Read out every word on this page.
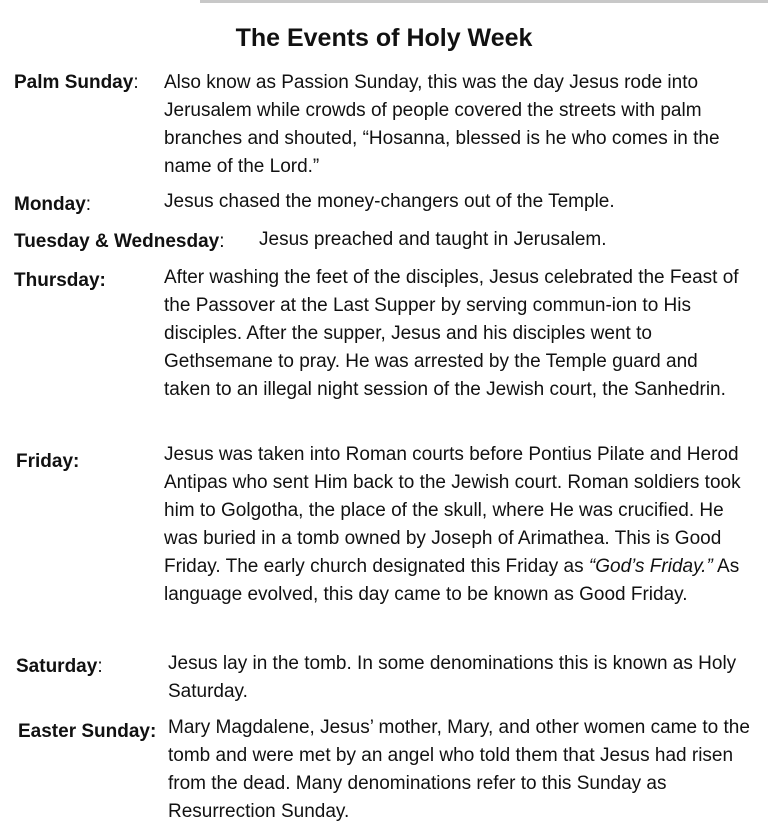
The Events of Holy Week
Palm Sunday: Also know as Passion Sunday, this was the day Jesus rode into Jerusalem while crowds of people covered the streets with palm branches and shouted, “Hosanna, blessed is he who comes in the name of the Lord.”
Monday:	Jesus chased the money-changers out of the Temple.
Tuesday & Wednesday: Jesus preached and taught in Jerusalem.
Thursday:	After washing the feet of the disciples, Jesus celebrated the Feast of the Passover at the Last Supper by serving commun-ion to His disciples. After the supper, Jesus and his disciples went to Gethsemane to pray. He was arrested by the Temple guard and taken to an illegal night session of the Jewish court, the Sanhedrin.
Friday:	Jesus was taken into Roman courts before Pontius Pilate and Herod Antipas who sent Him back to the Jewish court. Roman soldiers took him to Golgotha, the place of the skull, where He was crucified. He was buried in a tomb owned by Joseph of Arimathea. This is Good Friday. The early church designated this Friday as “God’s Friday.” As language evolved, this day came to be known as Good Friday.
Saturday:	Jesus lay in the tomb. In some denominations this is known as Holy Saturday.
Easter Sunday: Mary Magdalene, Jesus’ mother, Mary, and other women came to the tomb and were met by an angel who told them that Jesus had risen from the dead. Many denominations refer to this Sunday as Resurrection Sunday.
